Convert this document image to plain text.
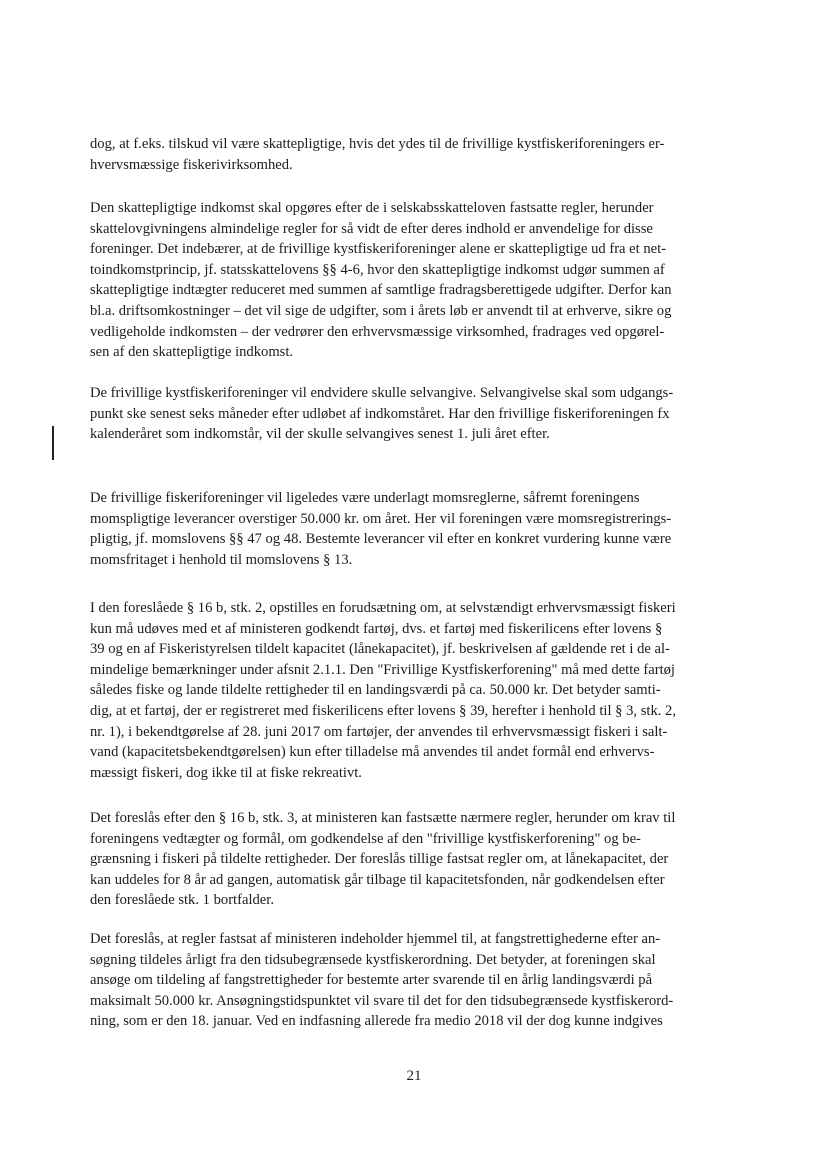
dog, at f.eks. tilskud vil være skattepligtige, hvis det ydes til de frivillige kystfiskeriforeningers er-
hvervsmæssige fiskerivirksomhed.
Den skattepligtige indkomst skal opgøres efter de i selskabsskatteloven fastsatte regler, herunder
skattelovgivningens almindelige regler for så vidt de efter deres indhold er anvendelige for disse
foreninger. Det indebærer, at de frivillige kystfiskeriforeninger alene er skattepligtige ud fra et net-
toindkomstprincip, jf. statsskattelovens §§ 4-6, hvor den skattepligtige indkomst udgør summen af
skattepligtige indtægter reduceret med summen af samtlige fradragsberettigede udgifter. Derfor kan
bl.a. driftsomkostninger – det vil sige de udgifter, som i årets løb er anvendt til at erhverve, sikre og
vedligeholde indkomsten – der vedrører den erhvervsmæssige virksomhed, fradrages ved opgørel-
sen af den skattepligtige indkomst.
De frivillige kystfiskeriforeninger vil endvidere skulle selvangive. Selvangivelse skal som udgangs-
punkt ske senest seks måneder efter udløbet af indkomståret. Har den frivillige fiskeriforeningen fx
kalenderåret som indkomstår, vil der skulle selvangives senest 1. juli året efter.
De frivillige fiskeriforeninger vil ligeledes være underlagt momsreglerne, såfremt foreningens
momspligtige leverancer overstiger 50.000 kr. om året. Her vil foreningen være momsregistrerings-
pligtig, jf. momslovens §§ 47 og 48. Bestemte leverancer vil efter en konkret vurdering kunne være
momsfritaget i henhold til momslovens § 13.
I den foreslåede § 16 b, stk. 2, opstilles en forudsætning om, at selvstændigt erhvervsmæssigt fiskeri
kun må udøves med et af ministeren godkendt fartøj, dvs. et fartøj med fiskerilicens efter lovens §
39 og en af Fiskeristyrelsen tildelt kapacitet (lånekapacitet), jf. beskrivelsen af gældende ret i de al-
mindelige bemærkninger under afsnit 2.1.1. Den "Frivillige Kystfiskerforening" må med dette fartøj
således fiske og lande tildelte rettigheder til en landingsværdi på ca. 50.000 kr. Det betyder samti-
dig, at et fartøj, der er registreret med fiskerilicens efter lovens § 39, herefter i henhold til § 3, stk. 2,
nr. 1), i bekendtgørelse af 28. juni 2017 om fartøjer, der anvendes til erhvervsmæssigt fiskeri i salt-
vand (kapacitetsbekendtgørelsen) kun efter tilladelse må anvendes til andet formål end erhvervs-
mæssigt fiskeri, dog ikke til at fiske rekreativt.
Det foreslås efter den § 16 b, stk. 3, at ministeren kan fastsætte nærmere regler, herunder om krav til
foreningens vedtægter og formål, om godkendelse af den "frivillige kystfiskerforening" og be-
grænsning i fiskeri på tildelte rettigheder. Der foreslås tillige fastsat regler om, at lånekapacitet, der
kan uddeles for 8 år ad gangen, automatisk går tilbage til kapacitetsfonden, når godkendelsen efter
den foreslåede stk. 1 bortfalder.
Det foreslås, at regler fastsat af ministeren indeholder hjemmel til, at fangstrettighederne efter an-
søgning tildeles årligt fra den tidsubegrænsede kystfiskerordning. Det betyder, at foreningen skal
ansøge om tildeling af fangstrettigheder for bestemte arter svarende til en årlig landingsværdi på
maksimalt 50.000 kr. Ansøgningstidspunktet vil svare til det for den tidsubegrænsede kystfiskerord-
ning, som er den 18. januar. Ved en indfasning allerede fra medio 2018 vil der dog kunne indgives
21
